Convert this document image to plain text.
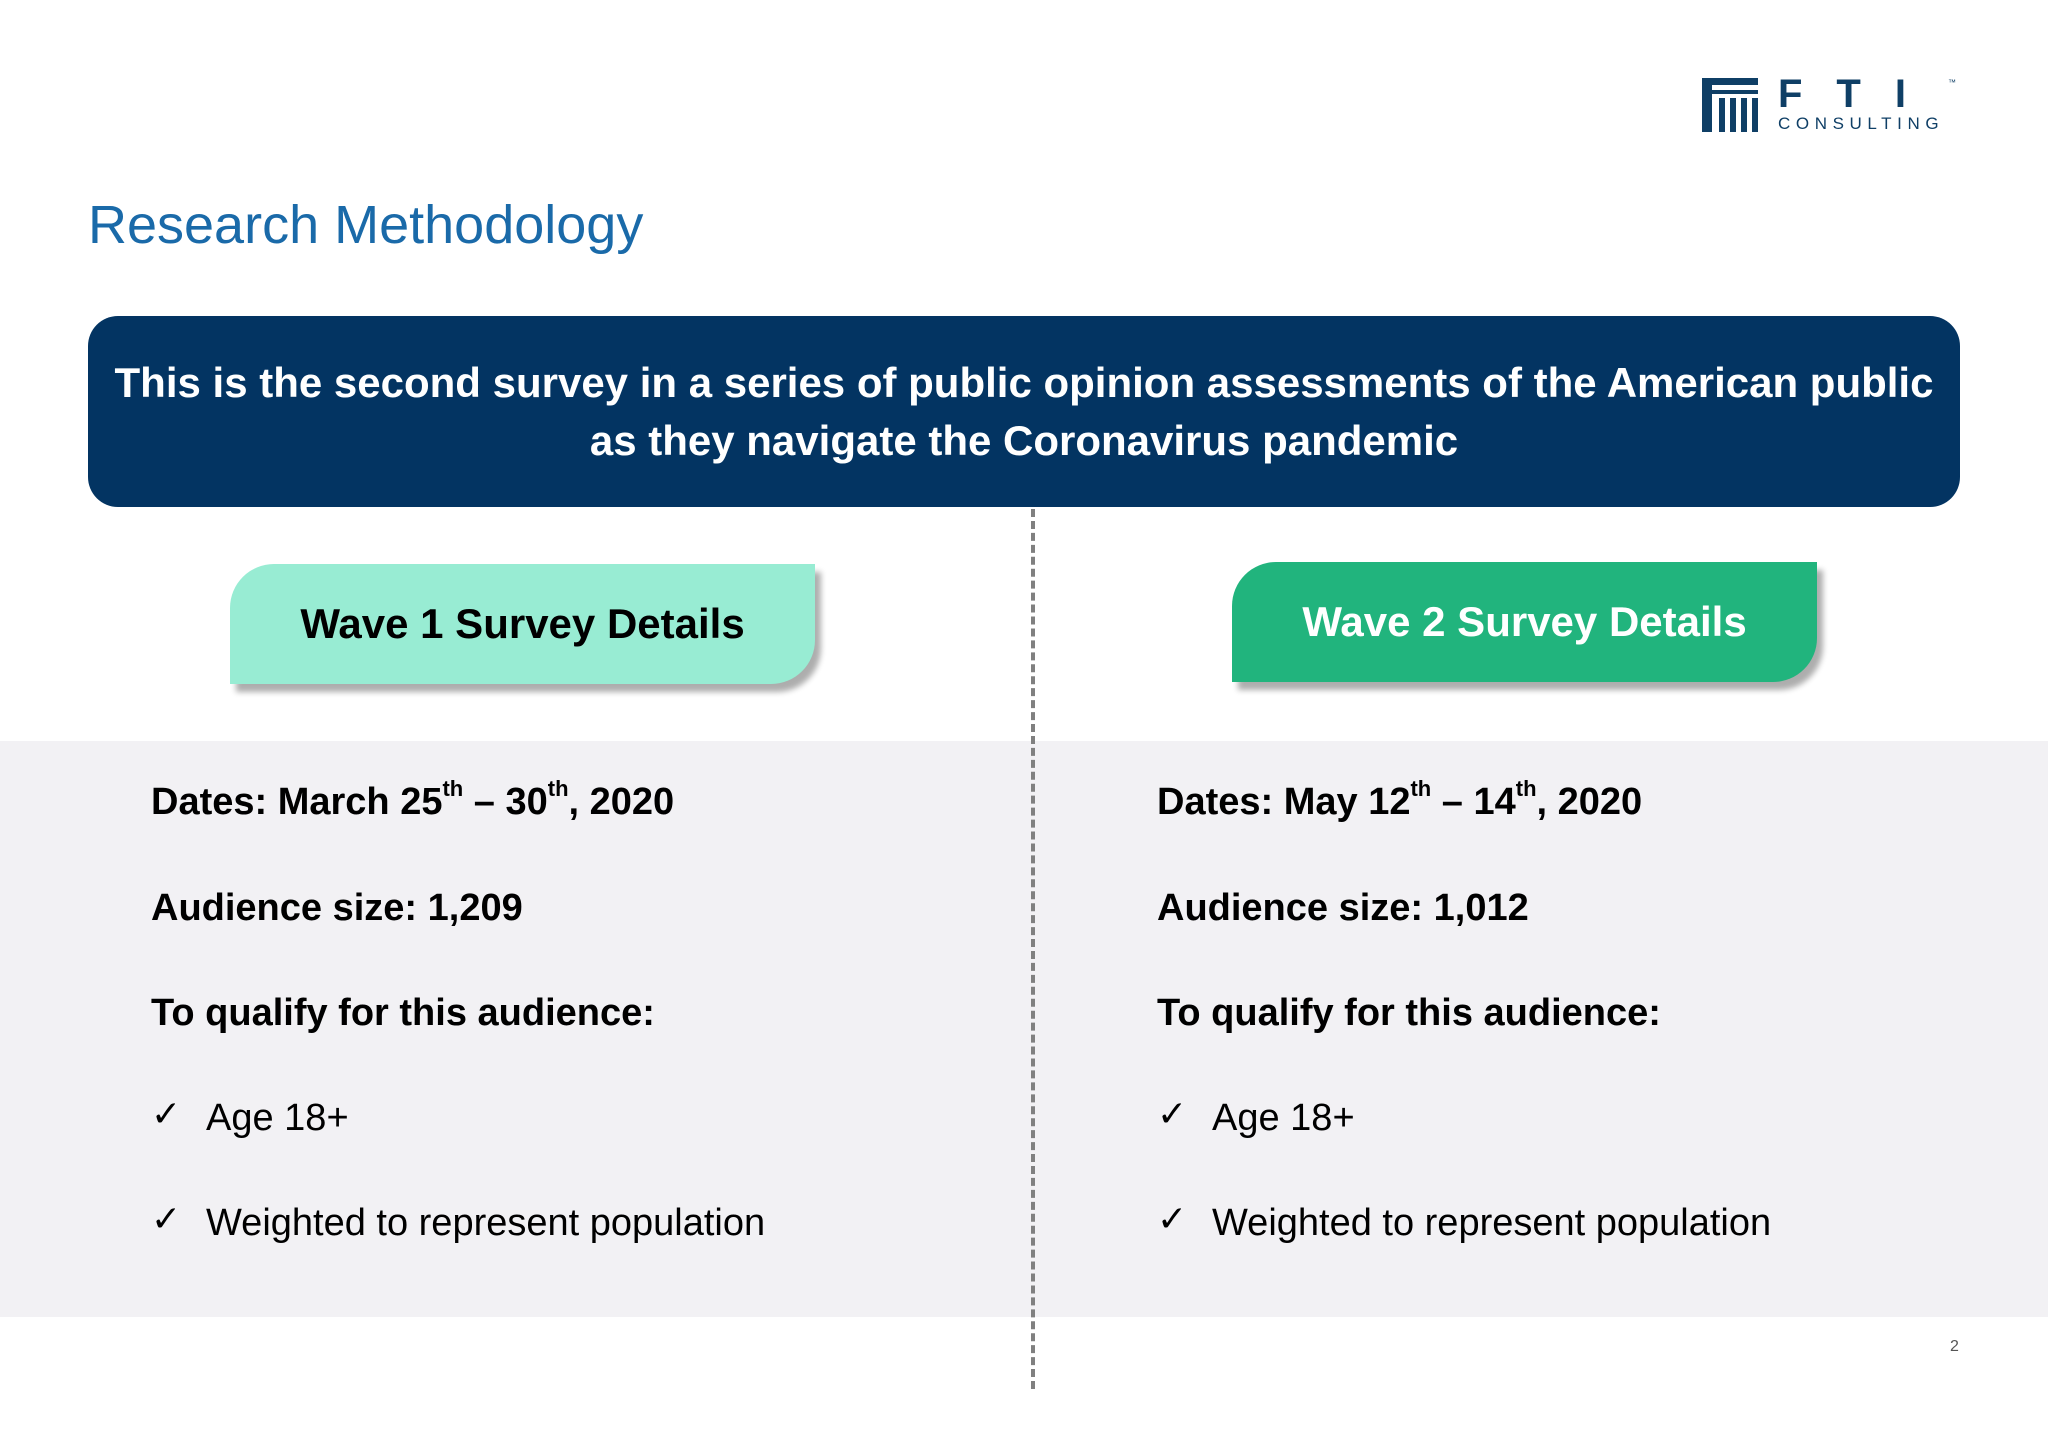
FTI ™
CONSULTING
Research Methodology
This is the second survey in a series of public opinion assessments of the American public as they navigate the Coronavirus pandemic
Wave 1 Survey Details	Wave 2 Survey Details
Dates: March 25th – 30th, 2020
Audience size: 1,209
To qualify for this audience:
✓ Age 18+
✓ Weighted to represent population
Dates: May 12th – 14th, 2020
Audience size: 1,012
To qualify for this audience:
✓ Age 18+
✓ Weighted to represent population
2
